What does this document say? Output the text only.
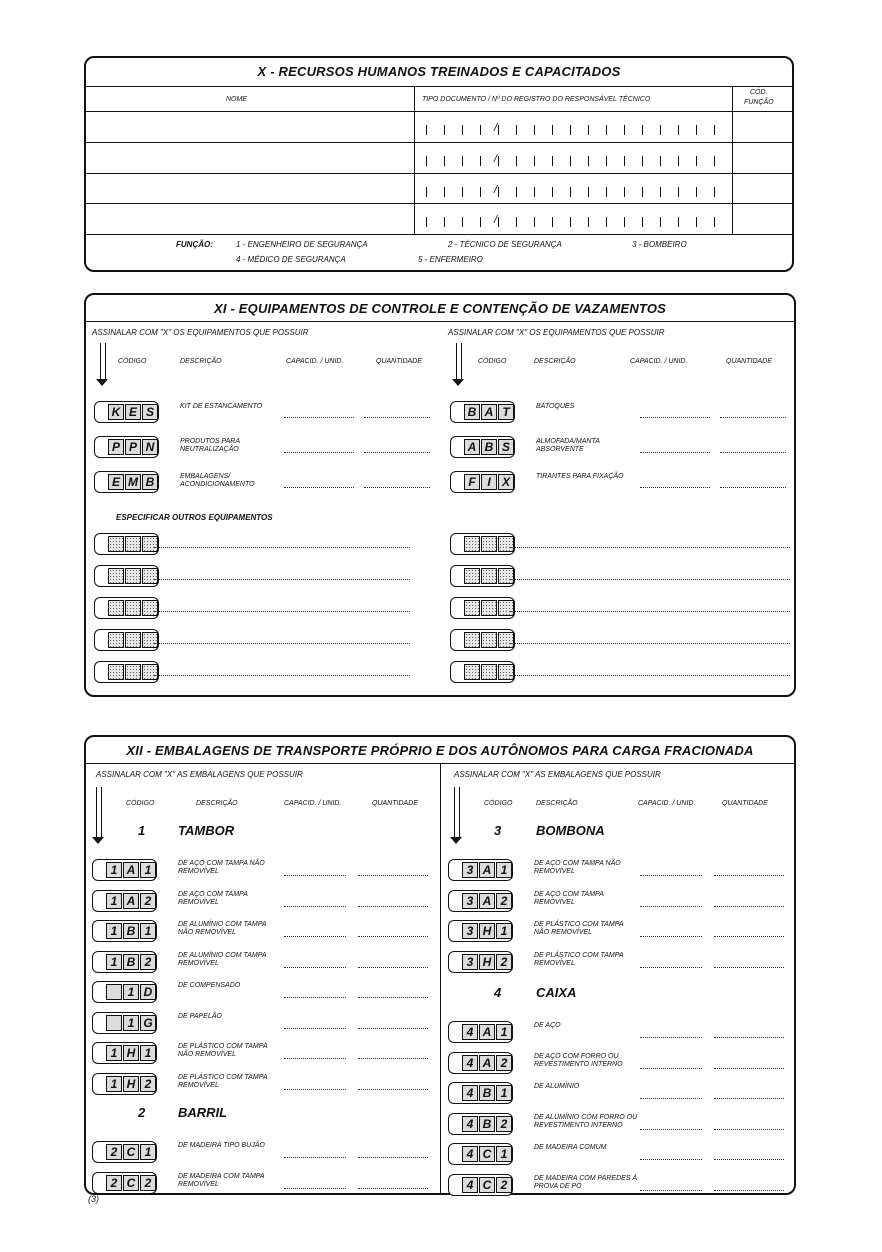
X - RECURSOS HUMANOS TREINADOS E CAPACITADOS
NOME	TIPO DOCUMENTO / Nº DO REGISTRO DO RESPONSÁVEL TÉCNICO
CÓD.
FUNÇÃO
/
/
/
/
FUNÇÃO:	1 - ENGENHEIRO DE SEGURANÇA	2 - TÉCNICO DE SEGURANÇA	3 - BOMBEIRO
4 - MÉDICO DE SEGURANÇA	5 - ENFERMEIRO
XI - EQUIPAMENTOS DE CONTROLE E CONTENÇÃO DE VAZAMENTOS
ASSINALAR COM "X" OS EQUIPAMENTOS QUE POSSUIR	ASSINALAR COM "X" OS EQUIPAMENTOS QUE POSSUIR
CÓDIGO	DESCRIÇÃO	CAPACID. / UNID.	QUANTIDADE	CÓDIGO	DESCRIÇÃO	CAPACID. / UNID.	QUANTIDADE
K E S	KIT DE ESTANCAMENTO
P P N	PRODUTOS PARA NEUTRALIZAÇÃO
E M B	EMBALAGENS/ ACONDICIONAMENTO
B A T	BATOQUES
A B S	ALMOFADA/MANTA ABSORVENTE
F I X	TIRANTES PARA FIXAÇÃO
ESPECIFICAR OUTROS EQUIPAMENTOS
XII - EMBALAGENS DE TRANSPORTE PRÓPRIO E DOS AUTÔNOMOS PARA CARGA FRACIONADA
ASSINALAR COM "X" AS EMBALAGENS QUE POSSUIR	ASSINALAR COM "X" AS EMBALAGENS QUE POSSUIR
CÓDIGO	DESCRIÇÃO	CAPACID. / UNID.	QUANTIDADE	CÓDIGO	DESCRIÇÃO	CAPACID. / UNID.	QUANTIDADE
1	TAMBOR
1 A 1	DE AÇO COM TAMPA NÃO REMOVÍVEL
1 A 2	DE AÇO COM TAMPA REMOVÍVEL
1 B 1	DE ALUMÍNIO COM TAMPA NÃO REMOVÍVEL
1 B 2	DE ALUMÍNIO COM TAMPA REMOVÍVEL
1 D	DE COMPENSADO
1 G	DE PAPELÃO
1 H 1	DE PLÁSTICO COM TAMPA NÃO REMOVÍVEL
1 H 2	DE PLÁSTICO COM TAMPA REMOVÍVEL
2	BARRIL
2 C 1	DE MADEIRA TIPO BUJÃO
2 C 2	DE MADEIRA COM TAMPA REMOVÍVEL
3	BOMBONA
3 A 1	DE AÇO COM TAMPA NÃO REMOVÍVEL
3 A 2	DE AÇO COM TAMPA REMOVÍVEL
3 H 1	DE PLÁSTICO COM TAMPA NÃO REMOVÍVEL
3 H 2	DE PLÁSTICO COM TAMPA REMOVÍVEL
4	CAIXA
4 A 1	DE AÇO
4 A 2	DE AÇO COM FORRO OU REVESTIMENTO INTERNO
4 B 1	DE ALUMÍNIO
4 B 2	DE ALUMÍNIO COM FORRO OU REVESTIMENTO INTERNO
4 C 1	DE MADEIRA COMUM
4 C 2	DE MADEIRA COM PAREDES À PROVA DE PÓ
(3)
